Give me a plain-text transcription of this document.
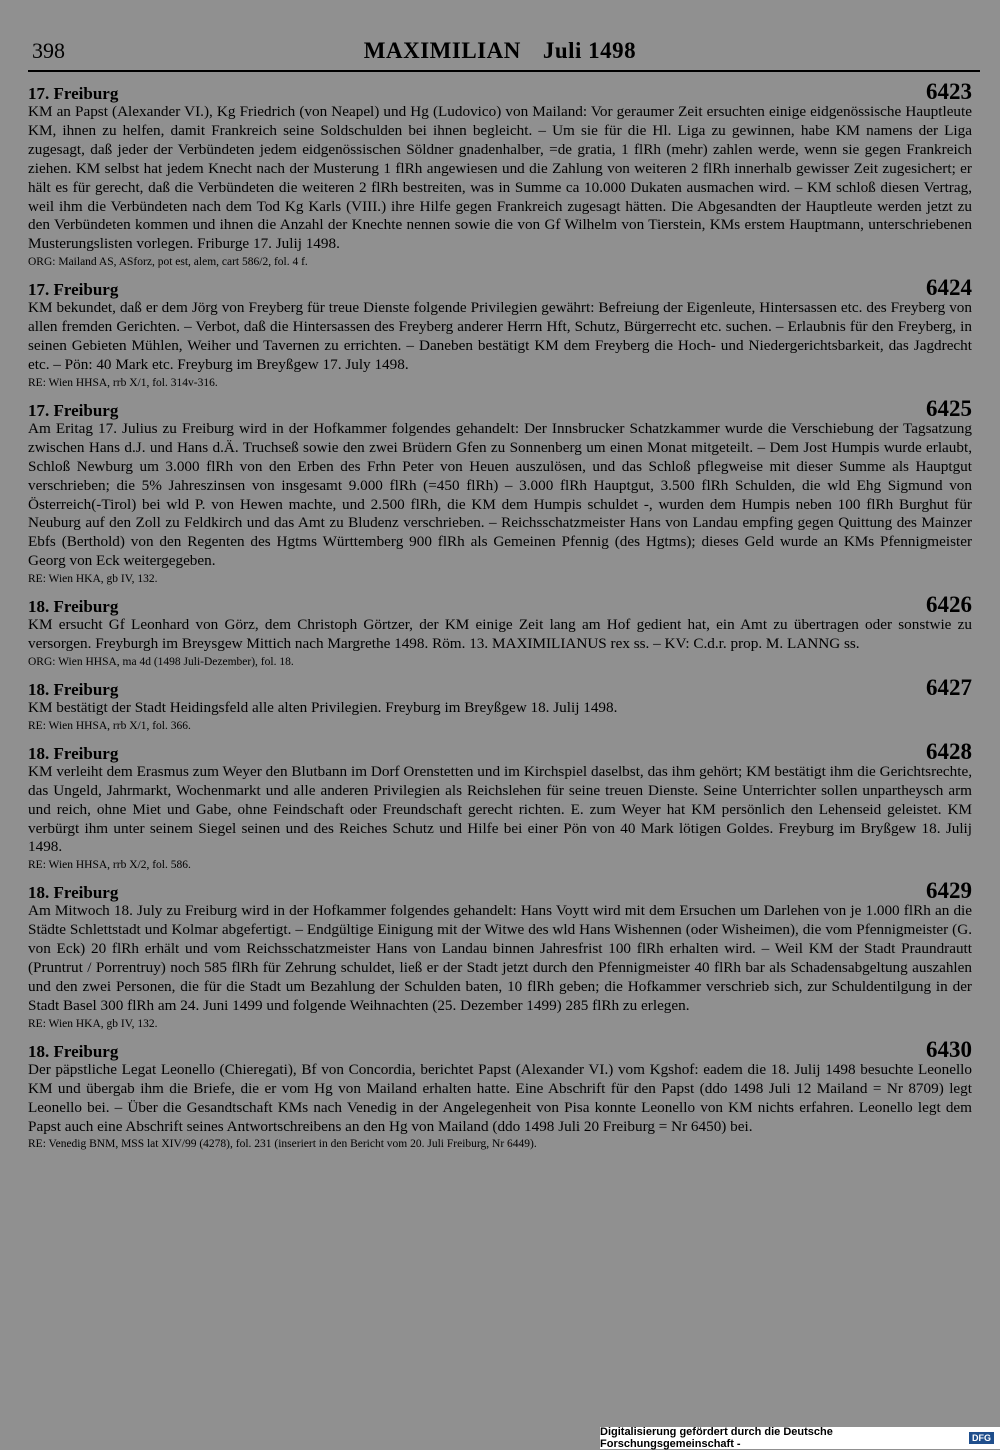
398	MAXIMILIAN Juli 1498
17. Freiburg	6423

KM an Papst (Alexander VI.), Kg Friedrich (von Neapel) und Hg (Ludovico) von Mailand: Vor geraumer Zeit ersuchten einige eidgenössische Hauptleute KM, ihnen zu helfen, damit Frankreich seine Soldschulden bei ihnen begleicht. – Um sie für die Hl. Liga zu gewinnen, habe KM namens der Liga zugesagt, daß jeder der Verbündeten jedem eidgenössischen Söldner gnadenhalber, =de gratia, 1 flRh (mehr) zahlen werde, wenn sie gegen Frankreich ziehen. KM selbst hat jedem Knecht nach der Musterung 1 flRh angewiesen und die Zahlung von weiteren 2 flRh innerhalb gewisser Zeit zugesichert; er hält es für gerecht, daß die Verbündeten die weiteren 2 flRh bestreiten, was in Summe ca 10.000 Dukaten ausmachen wird. – KM schloß diesen Vertrag, weil ihm die Verbündeten nach dem Tod Kg Karls (VIII.) ihre Hilfe gegen Frankreich zugesagt hätten. Die Abgesandten der Hauptleute werden jetzt zu den Verbündeten kommen und ihnen die Anzahl der Knechte nennen sowie die von Gf Wilhelm von Tierstein, KMs erstem Hauptmann, unterschriebenen Musterungslisten vorlegen. Friburge 17. Julij 1498.

ORG: Mailand AS, ASforz, pot est, alem, cart 586/2, fol. 4 f.
17. Freiburg	6424

KM bekundet, daß er dem Jörg von Freyberg für treue Dienste folgende Privilegien gewährt: Befreiung der Eigenleute, Hintersassen etc. des Freyberg von allen fremden Gerichten. – Verbot, daß die Hintersassen des Freyberg anderer Herrn Hft, Schutz, Bürgerrecht etc. suchen. – Erlaubnis für den Freyberg, in seinen Gebieten Mühlen, Weiher und Tavernen zu errichten. – Daneben bestätigt KM dem Freyberg die Hoch- und Niedergerichtsbarkeit, das Jagdrecht etc. – Pön: 40 Mark etc. Freyburg im Breyßgew 17. July 1498.

RE: Wien HHSA, rrb X/1, fol. 314v-316.
17. Freiburg	6425

Am Eritag 17. Julius zu Freiburg wird in der Hofkammer folgendes gehandelt: Der Innsbrucker Schatzkammer wurde die Verschiebung der Tagsatzung zwischen Hans d.J. und Hans d.Ä. Truchseß sowie den zwei Brüdern Gfen zu Sonnenberg um einen Monat mitgeteilt. – Dem Jost Humpis wurde erlaubt, Schloß Newburg um 3.000 flRh von den Erben des Frhn Peter von Heuen auszulösen, und das Schloß pflegweise mit dieser Summe als Hauptgut verschrieben; die 5% Jahreszinsen von insgesamt 9.000 flRh (=450 flRh) – 3.000 flRh Hauptgut, 3.500 flRh Schulden, die wld Ehg Sigmund von Österreich(-Tirol) bei wld P. von Hewen machte, und 2.500 flRh, die KM dem Humpis schuldet -, wurden dem Humpis neben 100 flRh Burghut für Neuburg auf den Zoll zu Feldkirch und das Amt zu Bludenz verschrieben. – Reichsschatzmeister Hans von Landau empfing gegen Quittung des Mainzer Ebfs (Berthold) von den Regenten des Hgtms Württemberg 900 flRh als Gemeinen Pfennig (des Hgtms); dieses Geld wurde an KMs Pfennigmeister Georg von Eck weitergegeben.

RE: Wien HKA, gb IV, 132.
18. Freiburg	6426

KM ersucht Gf Leonhard von Görz, dem Christoph Görtzer, der KM einige Zeit lang am Hof gedient hat, ein Amt zu übertragen oder sonstwie zu versorgen. Freyburgh im Breysgew Mittich nach Margrethe 1498. Röm. 13. MAXIMILIANUS rex ss. – KV: C.d.r. prop. M. LANNG ss.

ORG: Wien HHSA, ma 4d (1498 Juli-Dezember), fol. 18.
18. Freiburg	6427

KM bestätigt der Stadt Heidingsfeld alle alten Privilegien. Freyburg im Breyßgew 18. Julij 1498.

RE: Wien HHSA, rrb X/1, fol. 366.
18. Freiburg	6428

KM verleiht dem Erasmus zum Weyer den Blutbann im Dorf Orenstetten und im Kirchspiel daselbst, das ihm gehört; KM bestätigt ihm die Gerichtsrechte, das Ungeld, Jahrmarkt, Wochenmarkt und alle anderen Privilegien als Reichslehen für seine treuen Dienste. Seine Unterrichter sollen unpartheysch arm und reich, ohne Miet und Gabe, ohne Feindschaft oder Freundschaft gerecht richten. E. zum Weyer hat KM persönlich den Lehenseid geleistet. KM verbürgt ihm unter seinem Siegel seinen und des Reiches Schutz und Hilfe bei einer Pön von 40 Mark lötigen Goldes. Freyburg im Bryßgew 18. Julij 1498.

RE: Wien HHSA, rrb X/2, fol. 586.
18. Freiburg	6429

Am Mitwoch 18. July zu Freiburg wird in der Hofkammer folgendes gehandelt: Hans Voytt wird mit dem Ersuchen um Darlehen von je 1.000 flRh an die Städte Schlettstadt und Kolmar abgefertigt. – Endgültige Einigung mit der Witwe des wld Hans Wishennen (oder Wisheimen), die vom Pfennigmeister (G. von Eck) 20 flRh erhält und vom Reichsschatzmeister Hans von Landau binnen Jahresfrist 100 flRh erhalten wird. – Weil KM der Stadt Praundrautt (Pruntrut / Porrentruy) noch 585 flRh für Zehrung schuldet, ließ er der Stadt jetzt durch den Pfennigmeister 40 flRh bar als Schadensabgeltung auszahlen und den zwei Personen, die für die Stadt um Bezahlung der Schulden baten, 10 flRh geben; die Hofkammer verschrieb sich, zur Schuldentilgung in der Stadt Basel 300 flRh am 24. Juni 1499 und folgende Weihnachten (25. Dezember 1499) 285 flRh zu erlegen.

RE: Wien HKA, gb IV, 132.
18. Freiburg	6430

Der päpstliche Legat Leonello (Chieregati), Bf von Concordia, berichtet Papst (Alexander VI.) vom Kgshof: eadem die 18. Julij 1498 besuchte Leonello KM und übergab ihm die Briefe, die er vom Hg von Mailand erhalten hatte. Eine Abschrift für den Papst (ddo 1498 Juli 12 Mailand = Nr 8709) legt Leonello bei. – Über die Gesandtschaft KMs nach Venedig in der Angelegenheit von Pisa konnte Leonello von KM nichts erfahren. Leonello legt dem Papst auch eine Abschrift seines Antwortschreibens an den Hg von Mailand (ddo 1498 Juli 20 Freiburg = Nr 6450) bei.

RE: Venedig BNM, MSS lat XIV/99 (4278), fol. 231 (inseriert in den Bericht vom 20. Juli Freiburg, Nr 6449).
Digitalisierung gefördert durch die Deutsche Forschungsgemeinschaft -	DFG
